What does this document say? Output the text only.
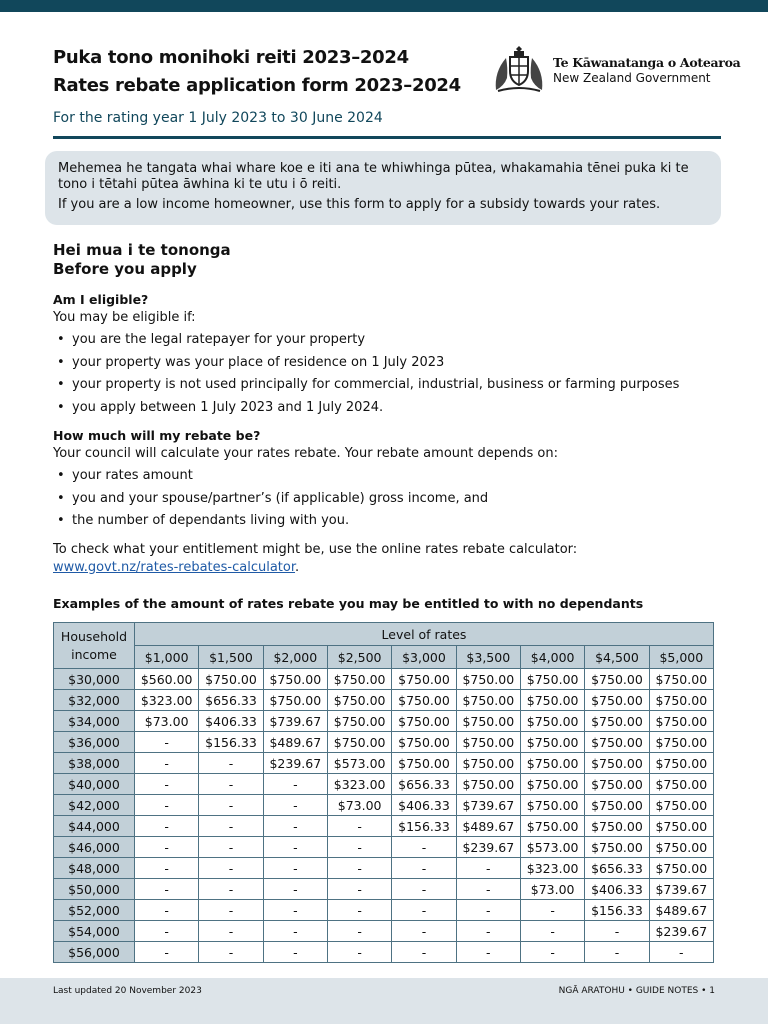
Puka tono monihoki reiti 2023–2024
Rates rebate application form 2023–2024
Te Kāwanatanga o Aotearoa
New Zealand Government
For the rating year 1 July 2023 to 30 June 2024

Mehemea he tangata whai whare koe e iti ana te whiwhinga pūtea, whakamahia tēnei puka ki te tono i tētahi pūtea āwhina ki te utu i ō reiti.

If you are a low income homeowner, use this form to apply for a subsidy towards your rates.

Hei mua i te tononga
Before you apply
Am I eligible?

You may be eligible if:

• you are the legal ratepayer for your property
• your property was your place of residence on 1 July 2023
• your property is not used principally for commercial, industrial, business or farming purposes
• you apply between 1 July 2023 and 1 July 2024.
How much will my rebate be?

Your council will calculate your rates rebate. Your rebate amount depends on:

• your rates amount
• you and your spouse/partner’s (if applicable) gross income, and
• the number of dependants living with you.

To check what your entitlement might be, use the online rates rebate calculator:

www.govt.nz/rates-rebates-calculator.

Examples of the amount of rates rebate you may be entitled to with no dependants
Household
income	Level of rates								
	$1,000	$1,500	$2,000	$2,500	$3,000	$3,500	$4,000	$4,500	$5,000
$30,000	$560.00	$750.00	$750.00	$750.00	$750.00	$750.00	$750.00	$750.00	$750.00
$32,000	$323.00	$656.33	$750.00	$750.00	$750.00	$750.00	$750.00	$750.00	$750.00
$34,000	$73.00	$406.33	$739.67	$750.00	$750.00	$750.00	$750.00	$750.00	$750.00
$36,000	-	$156.33	$489.67	$750.00	$750.00	$750.00	$750.00	$750.00	$750.00
$38,000	-	-	$239.67	$573.00	$750.00	$750.00	$750.00	$750.00	$750.00
$40,000	-	-	-	$323.00	$656.33	$750.00	$750.00	$750.00	$750.00
$42,000	-	-	-	$73.00	$406.33	$739.67	$750.00	$750.00	$750.00
$44,000	-	-	-	-	$156.33	$489.67	$750.00	$750.00	$750.00
$46,000	-	-	-	-	-	$239.67	$573.00	$750.00	$750.00
$48,000	-	-	-	-	-	-	$323.00	$656.33	$750.00
$50,000	-	-	-	-	-	-	$73.00	$406.33	$739.67
$52,000	-	-	-	-	-	-	-	$156.33	$489.67
$54,000	-	-	-	-	-	-	-	-	$239.67
$56,000	-	-	-	-	-	-	-	-	-
Last updated 20 November 2023	NGĀ ARATOHU • GUIDE NOTES • 1
